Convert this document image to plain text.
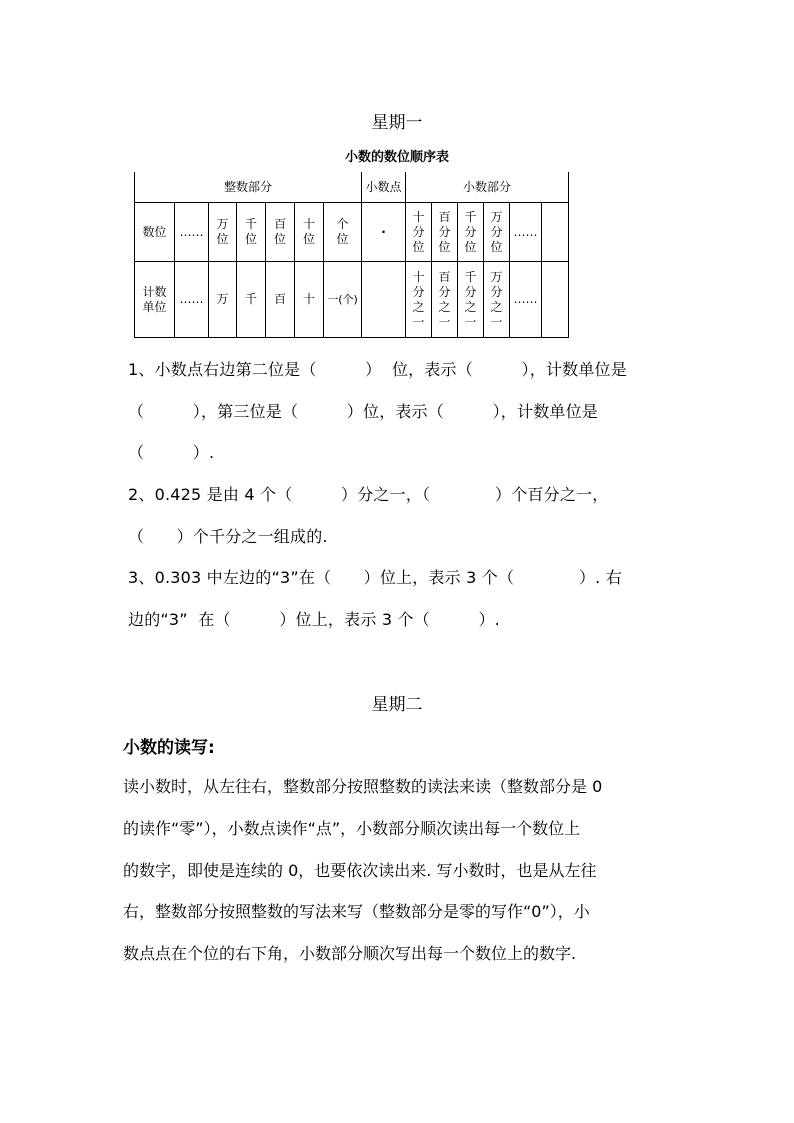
星期一
小数的数位顺序表
整数部分							小数点	小数部分					
数位	……	万位	千位	百位	十位	个位	·	十分位	百分位	千分位	万分位	……	
计数单位	……	万	千	百	十	一(个)		十分之一	百分之一	千分之一	万分之一	……	
1、小数点右边第二位是（　　　）  位，表示（　　　），计数单位是
（　　　），第三位是（　　　）位，表示（　　　），计数单位是
（　　　）.
2、0.425 是由 4 个（　　　）分之一，（　　　　）个百分之一，
（　　）个千分之一组成的.
3、0.303 中左边的“3”在（　　）位上，表示 3 个（　　　　）. 右
边的“3”  在（　　　）位上，表示 3 个（　　　）.
星期二
小数的读写:
读小数时，从左往右，整数部分按照整数的读法来读（整数部分是 0
的读作“零”），小数点读作“点”，小数部分顺次读出每一个数位上
的数字，即使是连续的 0，也要依次读出来. 写小数时，也是从左往
右，整数部分按照整数的写法来写（整数部分是零的写作“0”），小
数点点在个位的右下角，小数部分顺次写出每一个数位上的数字.
